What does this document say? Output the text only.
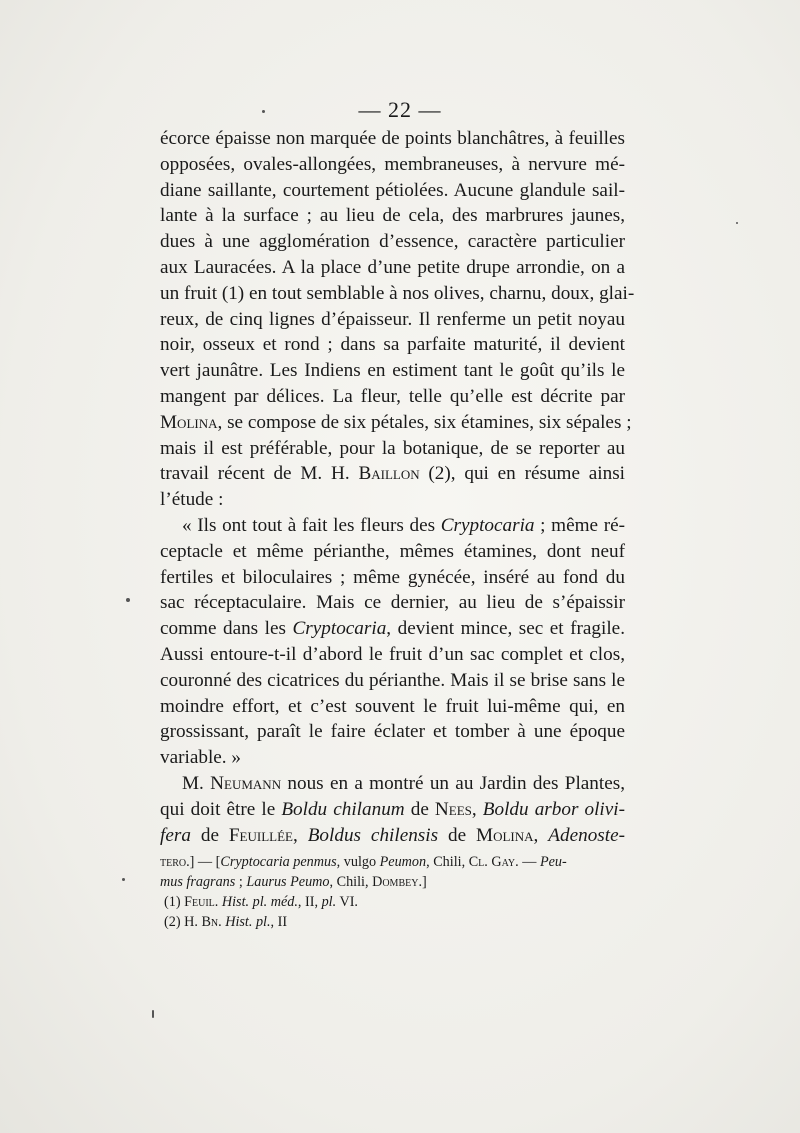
— 22 —
écorce épaisse non marquée de points blanchâtres, à feuilles
opposées, ovales-allongées, membraneuses, à nervure mé-
diane saillante, courtement pétiolées. Aucune glandule sail-
lante à la surface ; au lieu de cela, des marbrures jaunes,
dues à une agglomération d’essence, caractère particulier
aux Lauracées. A la place d’une petite drupe arrondie, on a
un fruit (1) en tout semblable à nos olives, charnu, doux, glai-
reux, de cinq lignes d’épaisseur. Il renferme un petit noyau
noir, osseux et rond ; dans sa parfaite maturité, il devient
vert jaunâtre. Les Indiens en estiment tant le goût qu’ils le
mangent par délices. La fleur, telle qu’elle est décrite par
Molina, se compose de six pétales, six étamines, six sépales ;
mais il est préférable, pour la botanique, de se reporter au
travail récent de M. H. Baillon (2), qui en résume ainsi
l’étude :
« Ils ont tout à fait les fleurs des Cryptocaria ; même ré-
ceptacle et même périanthe, mêmes étamines, dont neuf
fertiles et biloculaires ; même gynécée, inséré au fond du
sac réceptaculaire. Mais ce dernier, au lieu de s’épaissir
comme dans les Cryptocaria, devient mince, sec et fragile.
Aussi entoure-t-il d’abord le fruit d’un sac complet et clos,
couronné des cicatrices du périanthe. Mais il se brise sans le
moindre effort, et c’est souvent le fruit lui-même qui, en
grossissant, paraît le faire éclater et tomber à une époque
variable. »
M. Neumann nous en a montré un au Jardin des Plantes,
qui doit être le Boldu chilanum de Nees, Boldu arbor olivi-
fera de Feuillée, Boldus chilensis de Molina, Adenoste-
tero.] — [Cryptocaria penmus, vulgo Peumon, Chili, Cl. Gay. — Peu-
mus fragrans ; Laurus Peumo, Chili, Dombey.]
(1) Feuil. Hist. pl. méd., II, pl. VI.
(2) H. Bn. Hist. pl., II
